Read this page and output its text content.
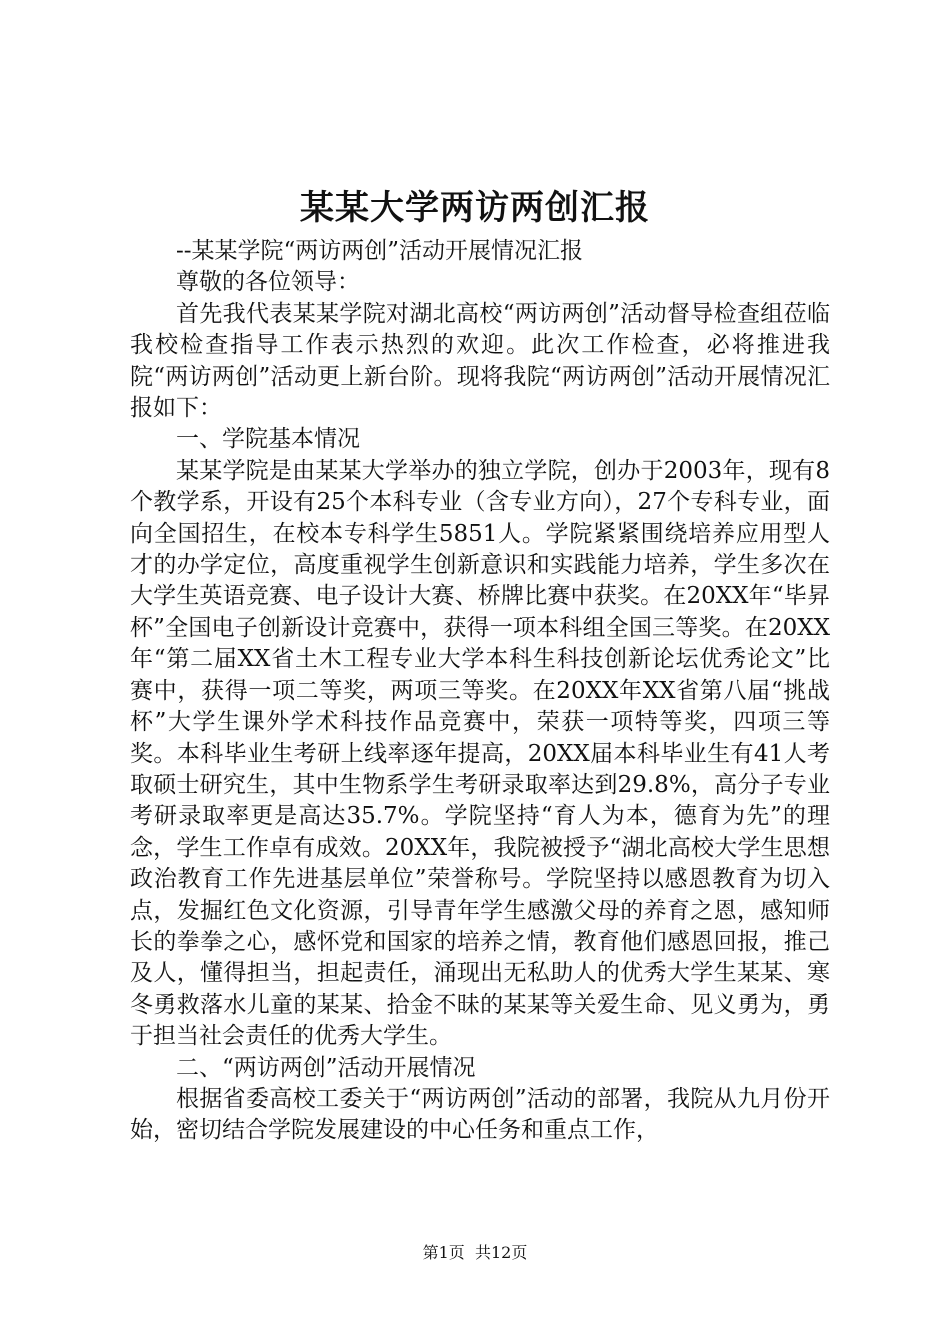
某某大学两访两创汇报

--某某学院“两访两创”活动开展情况汇报

尊敬的各位领导：

首先我代表某某学院对湖北高校“两访两创”活动督导检查组莅临我校检查指导工作表示热烈的欢迎。此次工作检查，必将推进我院“两访两创”活动更上新台阶。现将我院“两访两创”活动开展情况汇报如下：

一、学院基本情况

某某学院是由某某大学举办的独立学院，创办于2003年，现有8个教学系，开设有25个本科专业（含专业方向），27个专科专业，面向全国招生，在校本专科学生5851人。学院紧紧围绕培养应用型人才的办学定位，高度重视学生创新意识和实践能力培养，学生多次在大学生英语竞赛、电子设计大赛、桥牌比赛中获奖。在20XX年“毕昇杯”全国电子创新设计竞赛中，获得一项本科组全国三等奖。在20XX年“第二届XX省土木工程专业大学本科生科技创新论坛优秀论文”比赛中，获得一项二等奖，两项三等奖。在20XX年XX省第八届“挑战杯”大学生课外学术科技作品竞赛中，荣获一项特等奖，四项三等奖。本科毕业生考研上线率逐年提高，20XX届本科毕业生有41人考取硕士研究生，其中生物系学生考研录取率达到29.8%，高分子专业考研录取率更是高达35.7%。学院坚持“育人为本，德育为先”的理念，学生工作卓有成效。20XX年，我院被授予“湖北高校大学生思想政治教育工作先进基层单位”荣誉称号。学院坚持以感恩教育为切入点，发掘红色文化资源，引导青年学生感激父母的养育之恩，感知师长的拳拳之心，感怀党和国家的培养之情，教育他们感恩回报，推己及人，懂得担当，担起责任，涌现出无私助人的优秀大学生某某、寒冬勇救落水儿童的某某、拾金不昧的某某等关爱生命、见义勇为，勇于担当社会责任的优秀大学生。

二、“两访两创”活动开展情况

根据省委高校工委关于“两访两创”活动的部署，我院从九月份开始，密切结合学院发展建设的中心任务和重点工作，

第1页 共12页
